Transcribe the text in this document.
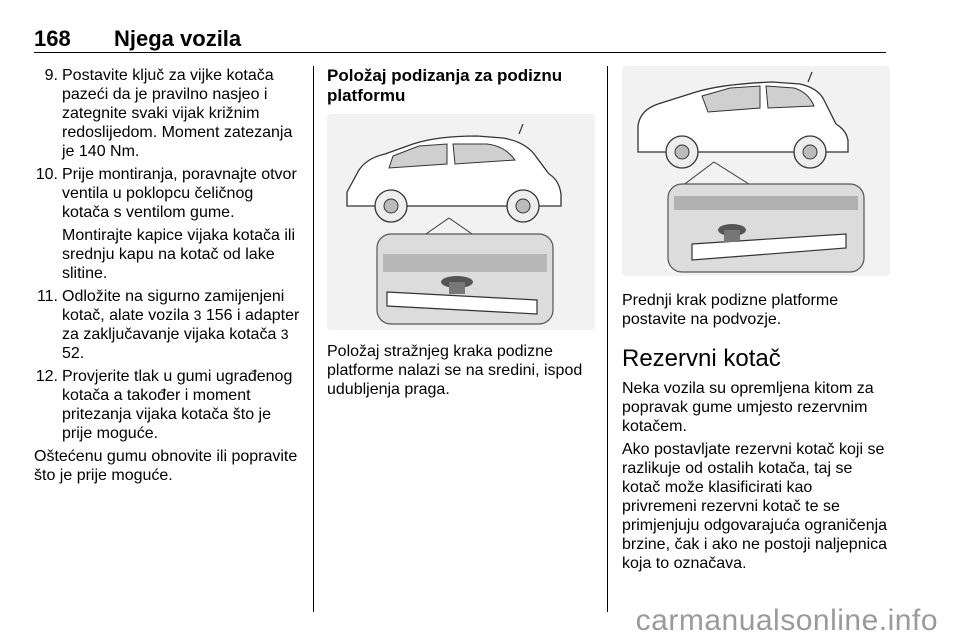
168 Njega vozila
9. Postavite ključ za vijke kotača pazeći da je pravilno nasjeo i zategnite svaki vijak križnim redoslijedom. Moment zatezanja je 140 Nm.
10. Prije montiranja, poravnajte otvor ventila u poklopcu čeličnog kotača s ventilom gume.

Montirajte kapice vijaka kotača ili srednju kapu na kotač od lake slitine.

11. Odložite na sigurno zamijenjeni kotač, alate vozila 3 156 i adapter za zaključavanje vijaka kotača 3 52.
12. Provjerite tlak u gumi ugrađenog kotača a također i moment pritezanja vijaka kotača što je prije moguće.

Oštećenu gumu obnovite ili popravite što je prije moguće.

Položaj podizanja za podiznu platformu

Položaj stražnjeg kraka podizne platforme nalazi se na sredini, ispod udubljenja praga.

Prednji krak podizne platforme postavite na podvozje.

Rezervni kotač

Neka vozila su opremljena kitom za popravak gume umjesto rezervnim kotačem.

Ako postavljate rezervni kotač koji se razlikuje od ostalih kotača, taj se kotač može klasificirati kao privremeni rezervni kotač te se primjenjuju odgovarajuća ograničenja brzine, čak i ako ne postoji naljepnica koja to označava.

carmanualsonline.info
